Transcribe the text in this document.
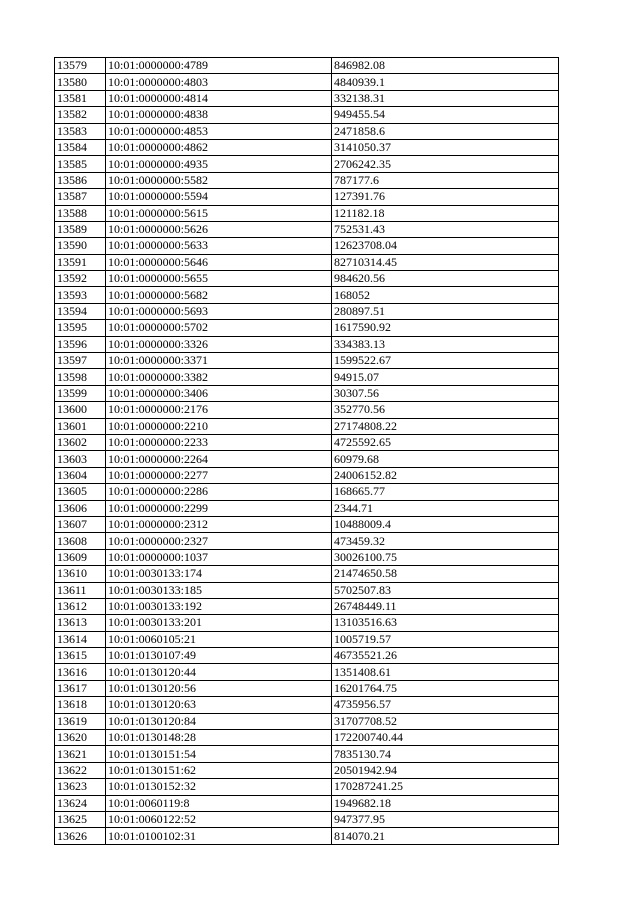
13579	10:01:0000000:4789	846982.08
13580	10:01:0000000:4803	4840939.1
13581	10:01:0000000:4814	332138.31
13582	10:01:0000000:4838	949455.54
13583	10:01:0000000:4853	2471858.6
13584	10:01:0000000:4862	3141050.37
13585	10:01:0000000:4935	2706242.35
13586	10:01:0000000:5582	787177.6
13587	10:01:0000000:5594	127391.76
13588	10:01:0000000:5615	121182.18
13589	10:01:0000000:5626	752531.43
13590	10:01:0000000:5633	12623708.04
13591	10:01:0000000:5646	82710314.45
13592	10:01:0000000:5655	984620.56
13593	10:01:0000000:5682	168052
13594	10:01:0000000:5693	280897.51
13595	10:01:0000000:5702	1617590.92
13596	10:01:0000000:3326	334383.13
13597	10:01:0000000:3371	1599522.67
13598	10:01:0000000:3382	94915.07
13599	10:01:0000000:3406	30307.56
13600	10:01:0000000:2176	352770.56
13601	10:01:0000000:2210	27174808.22
13602	10:01:0000000:2233	4725592.65
13603	10:01:0000000:2264	60979.68
13604	10:01:0000000:2277	24006152.82
13605	10:01:0000000:2286	168665.77
13606	10:01:0000000:2299	2344.71
13607	10:01:0000000:2312	10488009.4
13608	10:01:0000000:2327	473459.32
13609	10:01:0000000:1037	30026100.75
13610	10:01:0030133:174	21474650.58
13611	10:01:0030133:185	5702507.83
13612	10:01:0030133:192	26748449.11
13613	10:01:0030133:201	13103516.63
13614	10:01:0060105:21	1005719.57
13615	10:01:0130107:49	46735521.26
13616	10:01:0130120:44	1351408.61
13617	10:01:0130120:56	16201764.75
13618	10:01:0130120:63	4735956.57
13619	10:01:0130120:84	31707708.52
13620	10:01:0130148:28	172200740.44
13621	10:01:0130151:54	7835130.74
13622	10:01:0130151:62	20501942.94
13623	10:01:0130152:32	170287241.25
13624	10:01:0060119:8	1949682.18
13625	10:01:0060122:52	947377.95
13626	10:01:0100102:31	814070.21
